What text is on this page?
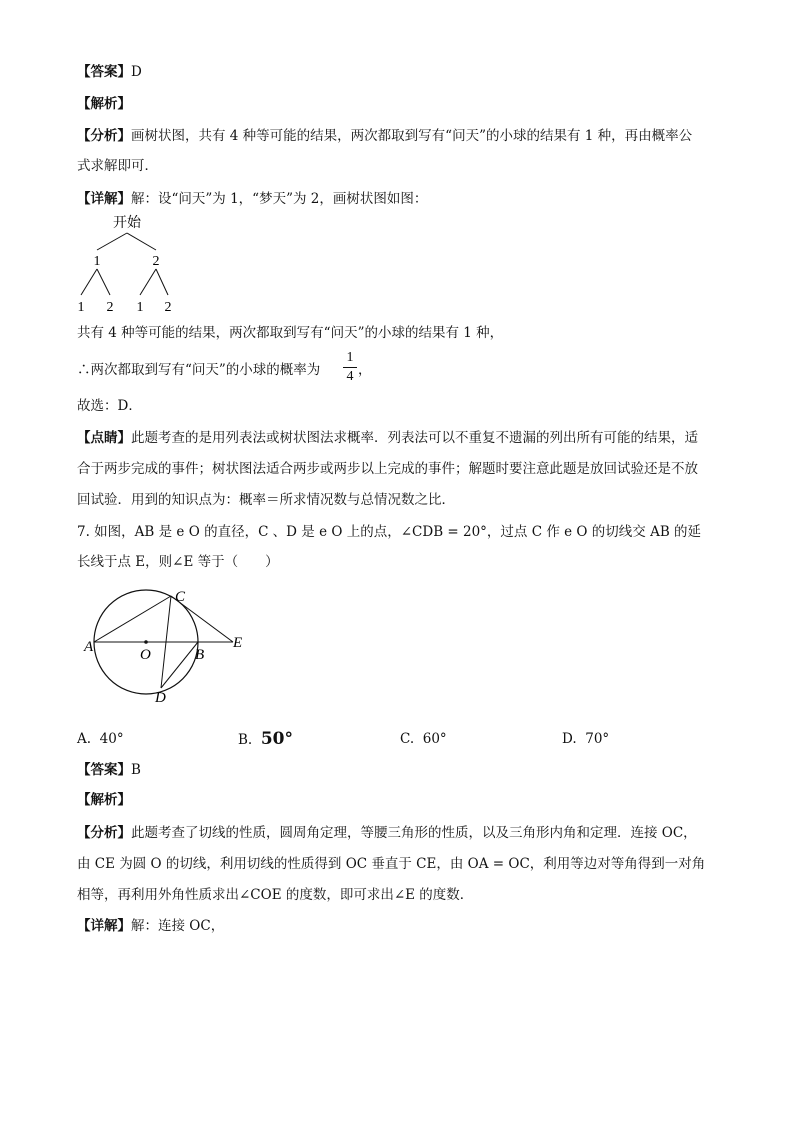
【答案】D
【解析】
【分析】画树状图，共有 4 种等可能的结果，两次都取到写有“问天”的小球的结果有 1 种，再由概率公
式求解即可．
【详解】解：设“问天”为 1，“梦天”为 2，画树状图如图：
开始
1	2
1 2 1 2
共有 4 种等可能的结果，两次都取到写有“问天”的小球的结果有 1 种，
∴两次都取到写有“问天”的小球的概率为
1
4 ，
故选：D．
【点睛】此题考查的是用列表法或树状图法求概率．列表法可以不重复不遗漏的列出所有可能的结果，适
合于两步完成的事件；树状图法适合两步或两步以上完成的事件；解题时要注意此题是放回试验还是不放
回试验．用到的知识点为：概率＝所求情况数与总情况数之比．
7. 如图，AB 是 e O 的直径，C 、D 是 e O 上的点，∠CDB = 20°，过点 C 作 e O 的切线交 AB 的延
长线于点 E，则∠E 等于（　　）
A	O	B
C
D
E
A. 40°	B. 50°	C. 60°	D. 70°
【答案】B
【解析】
【分析】此题考查了切线的性质，圆周角定理，等腰三角形的性质，以及三角形内角和定理．连接 OC，
由 CE 为圆 O 的切线，利用切线的性质得到 OC 垂直于 CE，由 OA = OC，利用等边对等角得到一对角
相等，再利用外角性质求出∠COE 的度数，即可求出∠E 的度数．
【详解】解：连接 OC，
